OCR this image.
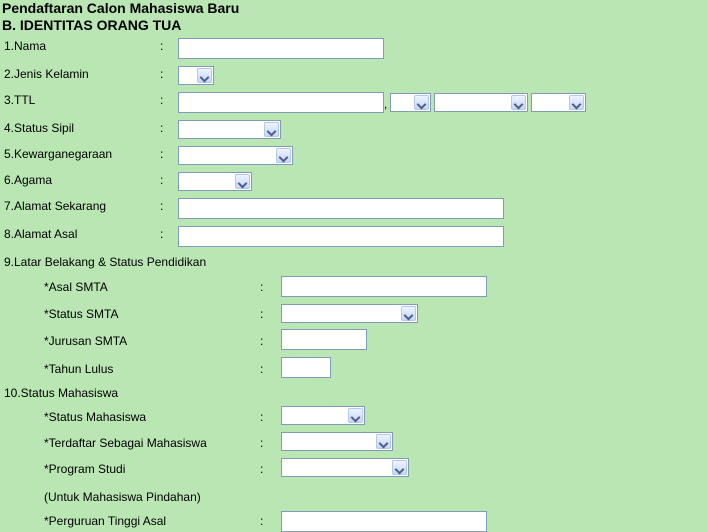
Pendaftaran Calon Mahasiswa Baru
B. IDENTITAS ORANG TUA
1.Nama	:
2.Jenis Kelamin	:
3.TTL	:	,
4.Status Sipil	:
5.Kewarganegaraan	:
6.Agama	:
7.Alamat Sekarang	:
8.Alamat Asal	:
9.Latar Belakang & Status Pendidikan
*Asal SMTA	:
*Status SMTA	:
*Jurusan SMTA	:
*Tahun Lulus	:
10.Status Mahasiswa
*Status Mahasiswa	:
*Terdaftar Sebagai Mahasiswa	:
*Program Studi	:
(Untuk Mahasiswa Pindahan)
*Perguruan Tinggi Asal	:
